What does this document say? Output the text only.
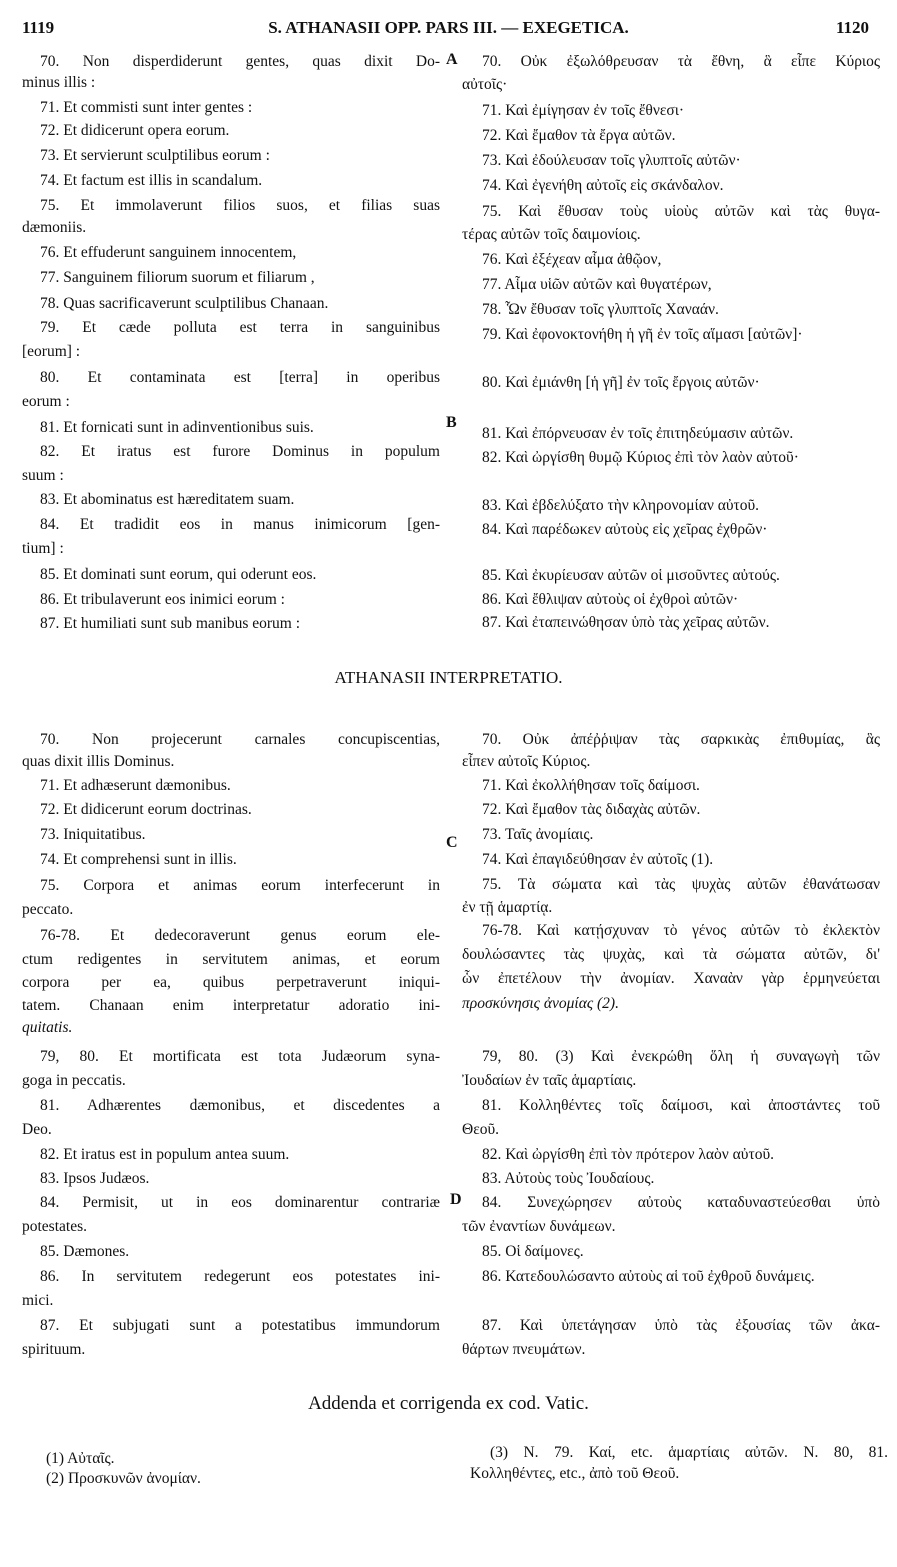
1119	S. ATHANASII OPP. PARS III. — EXEGETICA.	1120
A
B
C
D
70. Non disperdiderunt gentes, quas dixit Do-
minus illis :
71. Et commisti sunt inter gentes :
72. Et didicerunt opera eorum.
73. Et servierunt sculptilibus eorum :
74. Et factum est illis in scandalum.
75. Et immolaverunt filios suos, et filias suas
dæmoniis.
76. Et effuderunt sanguinem innocentem,
77. Sanguinem filiorum suorum et filiarum ,
78. Quas sacrificaverunt sculptilibus Chanaan.
79. Et cæde polluta est terra in sanguinibus
[eorum] :
80. Et contaminata est [terra] in operibus
eorum :
81. Et fornicati sunt in adinventionibus suis.
82. Et iratus est furore Dominus in populum
suum :
83. Et abominatus est hæreditatem suam.
84. Et tradidit eos in manus inimicorum [gen-
tium] :
85. Et dominati sunt eorum, qui oderunt eos.
86. Et tribulaverunt eos inimici eorum :
87. Et humiliati sunt sub manibus eorum :
70. Οὐκ ἐξωλόθρευσαν τὰ ἔθνη, ἃ εἶπε Κύριος
αὐτοῖς·
71. Καὶ ἐμίγησαν ἐν τοῖς ἔθνεσι·
72. Καὶ ἔμαθον τὰ ἔργα αὐτῶν.
73. Καὶ ἐδούλευσαν τοῖς γλυπτοῖς αὐτῶν·
74. Καὶ ἐγενήθη αὐτοῖς εἰς σκάνδαλον.
75. Καὶ ἔθυσαν τοὺς υἱοὺς αὐτῶν καὶ τὰς θυγα-
τέρας αὐτῶν τοῖς δαιμονίοις.
76. Καὶ ἐξέχεαν αἷμα ἀθῷον,
77. Αἷμα υἱῶν αὐτῶν καὶ θυγατέρων,
78. Ὧν ἔθυσαν τοῖς γλυπτοῖς Χαναάν.
79. Καὶ ἐφονοκτονήθη ἡ γῆ ἐν τοῖς αἵμασι [αὐτῶν]·
80. Καὶ ἐμιάνθη [ἡ γῆ] ἐν τοῖς ἔργοις αὐτῶν·
81. Καὶ ἐπόρνευσαν ἐν τοῖς ἐπιτηδεύμασιν αὐτῶν.
82. Καὶ ὠργίσθη θυμῷ Κύριος ἐπὶ τὸν λαὸν αὐτοῦ·
83. Καὶ ἐβδελύξατο τὴν κληρονομίαν αὐτοῦ.
84. Καὶ παρέδωκεν αὐτοὺς εἰς χεῖρας ἐχθρῶν·
85. Καὶ ἐκυρίευσαν αὐτῶν οἱ μισοῦντες αὐτούς.
86. Καὶ ἔθλιψαν αὐτοὺς οἱ ἐχθροὶ αὐτῶν·
87. Καὶ ἐταπεινώθησαν ὑπὸ τὰς χεῖρας αὐτῶν.
ATHANASII INTERPRETATIO.
70. Non projecerunt carnales concupiscentias,
quas dixit illis Dominus.
71. Et adhæserunt dæmonibus.
72. Et didicerunt eorum doctrinas.
73. Iniquitatibus.
74. Et comprehensi sunt in illis.
75. Corpora et animas eorum interfecerunt in
peccato.
76-78. Et dedecoraverunt genus eorum ele-
ctum redigentes in servitutem animas, et eorum
corpora per ea, quibus perpetraverunt iniqui-
tatem. Chanaan enim interpretatur adoratio ini-
quitatis.
79, 80. Et mortificata est tota Judæorum syna-
goga in peccatis.
81. Adhærentes dæmonibus, et discedentes a
Deo.
82. Et iratus est in populum antea suum.
83. Ipsos Judæos.
84. Permisit, ut in eos dominarentur contrariæ
potestates.
85. Dæmones.
86. In servitutem redegerunt eos potestates ini-
mici.
87. Et subjugati sunt a potestatibus immundorum
spirituum.
70. Οὐκ ἀπέῤῥιψαν τὰς σαρκικὰς ἐπιθυμίας, ἃς
εἶπεν αὐτοῖς Κύριος.
71. Καὶ ἐκολλήθησαν τοῖς δαίμοσι.
72. Καὶ ἔμαθον τὰς διδαχὰς αὐτῶν.
73. Ταῖς ἀνομίαις.
74. Καὶ ἐπαγιδεύθησαν ἐν αὐτοῖς (1).
75. Τὰ σώματα καὶ τὰς ψυχὰς αὐτῶν ἐθανάτωσαν
ἐν τῇ ἁμαρτίᾳ.
76-78. Καὶ κατῄσχυναν τὸ γένος αὐτῶν τὸ ἐκλεκτὸν
δουλώσαντες τὰς ψυχὰς, καὶ τὰ σώματα αὐτῶν, δι'
ὧν ἐπετέλουν τὴν ἀνομίαν. Χαναὰν γὰρ ἑρμηνεύεται
προσκύνησις ἀνομίας (2).
79, 80. (3) Καὶ ἐνεκρώθη ὅλη ἡ συναγωγὴ τῶν
Ἰουδαίων ἐν ταῖς ἁμαρτίαις.
81. Κολληθέντες τοῖς δαίμοσι, καὶ ἀποστάντες τοῦ
Θεοῦ.
82. Καὶ ὠργίσθη ἐπὶ τὸν πρότερον λαὸν αὐτοῦ.
83. Αὐτοὺς τοὺς Ἰουδαίους.
84. Συνεχώρησεν αὐτοὺς καταδυναστεύεσθαι ὑπὸ
τῶν ἐναντίων δυνάμεων.
85. Οἱ δαίμονες.
86. Κατεδουλώσαντο αὐτοὺς αἱ τοῦ ἐχθροῦ δυνάμεις.
87. Καὶ ὑπετάγησαν ὑπὸ τὰς ἐξουσίας τῶν ἀκα-
θάρτων πνευμάτων.
Addenda et corrigenda ex cod. Vatic.
(1) Αὐταῖς.
(2) Προσκυνῶν ἀνομίαν.
(3) N. 79. Καί, etc. ἁμαρτίαις αὐτῶν. N. 80, 81.
Κολληθέντες, etc., ἀπὸ τοῦ Θεοῦ.
